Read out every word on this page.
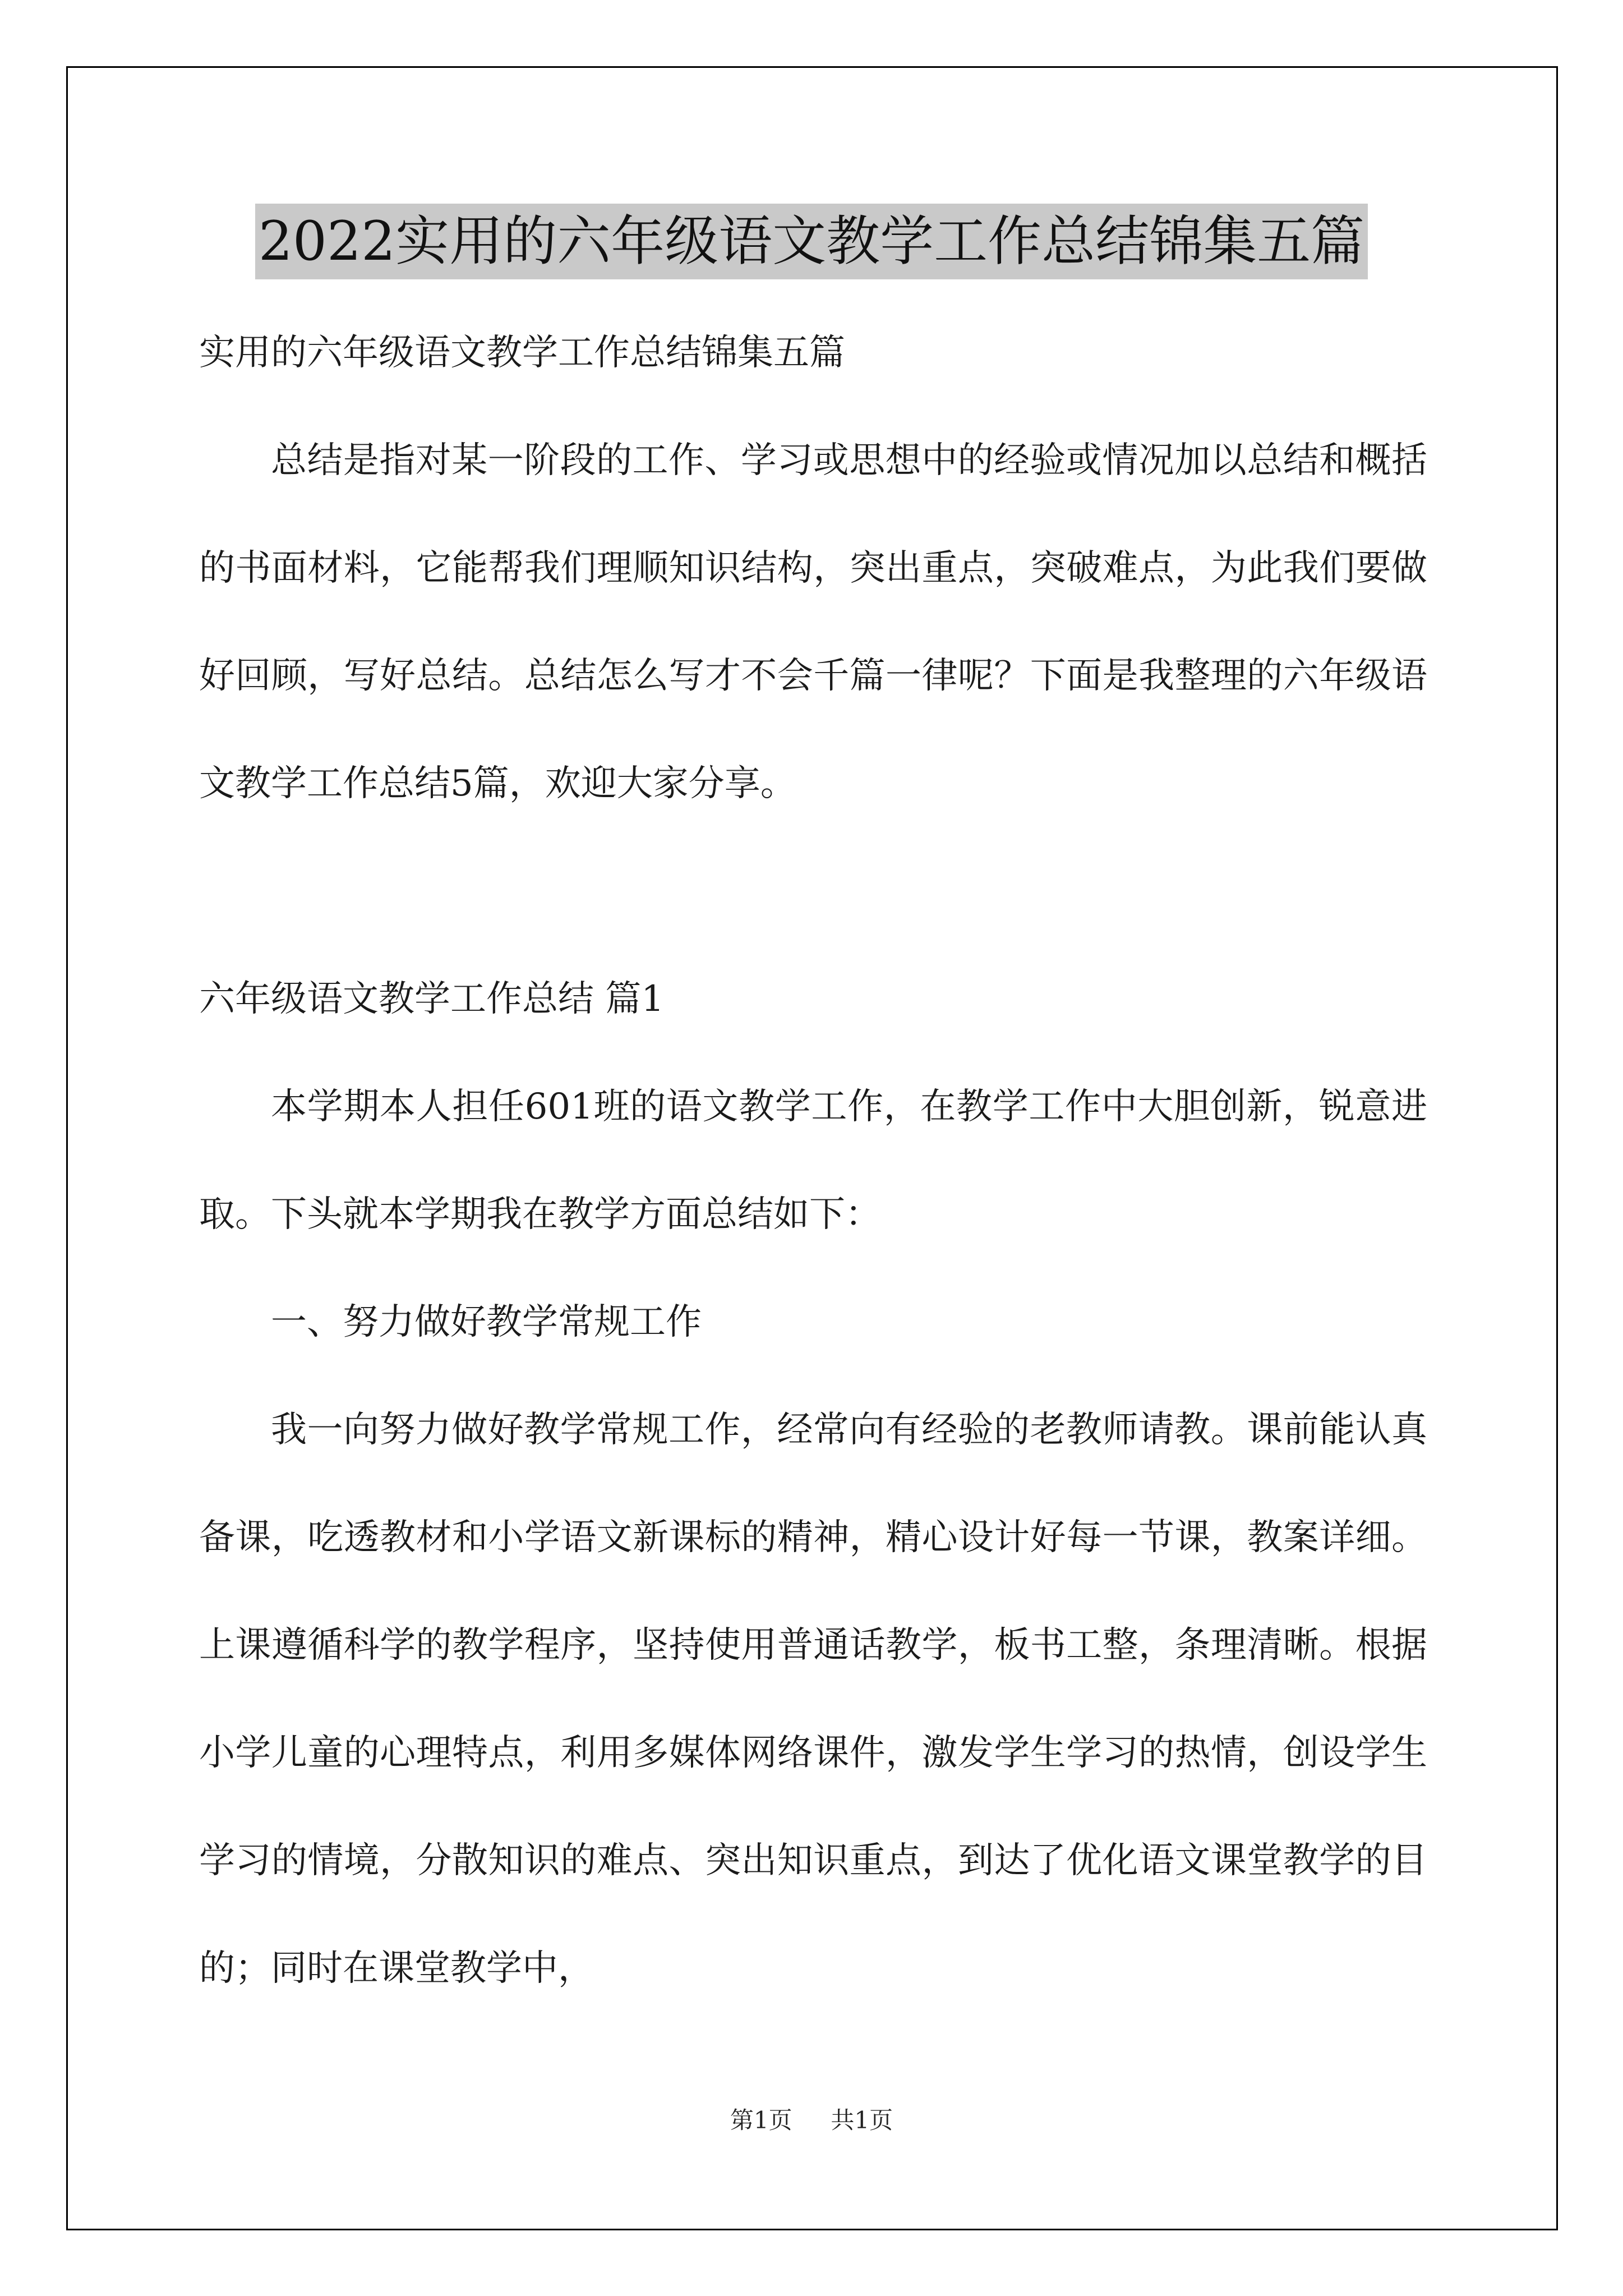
2022实用的六年级语文教学工作总结锦集五篇

实用的六年级语文教学工作总结锦集五篇

总结是指对某一阶段的工作、学习或思想中的经验或情况加以总结和概括的书面材料，它能帮我们理顺知识结构，突出重点，突破难点，为此我们要做好回顾，写好总结。总结怎么写才不会千篇一律呢？下面是我整理的六年级语文教学工作总结5篇，欢迎大家分享。

六年级语文教学工作总结 篇1

本学期本人担任601班的语文教学工作，在教学工作中大胆创新，锐意进取。下头就本学期我在教学方面总结如下：

一、努力做好教学常规工作

我一向努力做好教学常规工作，经常向有经验的老教师请教。课前能认真备课，吃透教材和小学语文新课标的精神，精心设计好每一节课，教案详细。上课遵循科学的教学程序，坚持使用普通话教学，板书工整，条理清晰。根据小学儿童的心理特点，利用多媒体网络课件，激发学生学习的热情，创设学生学习的情境，分散知识的难点、突出知识重点，到达了优化语文课堂教学的目的；同时在课堂教学中，

第1页 共1页
